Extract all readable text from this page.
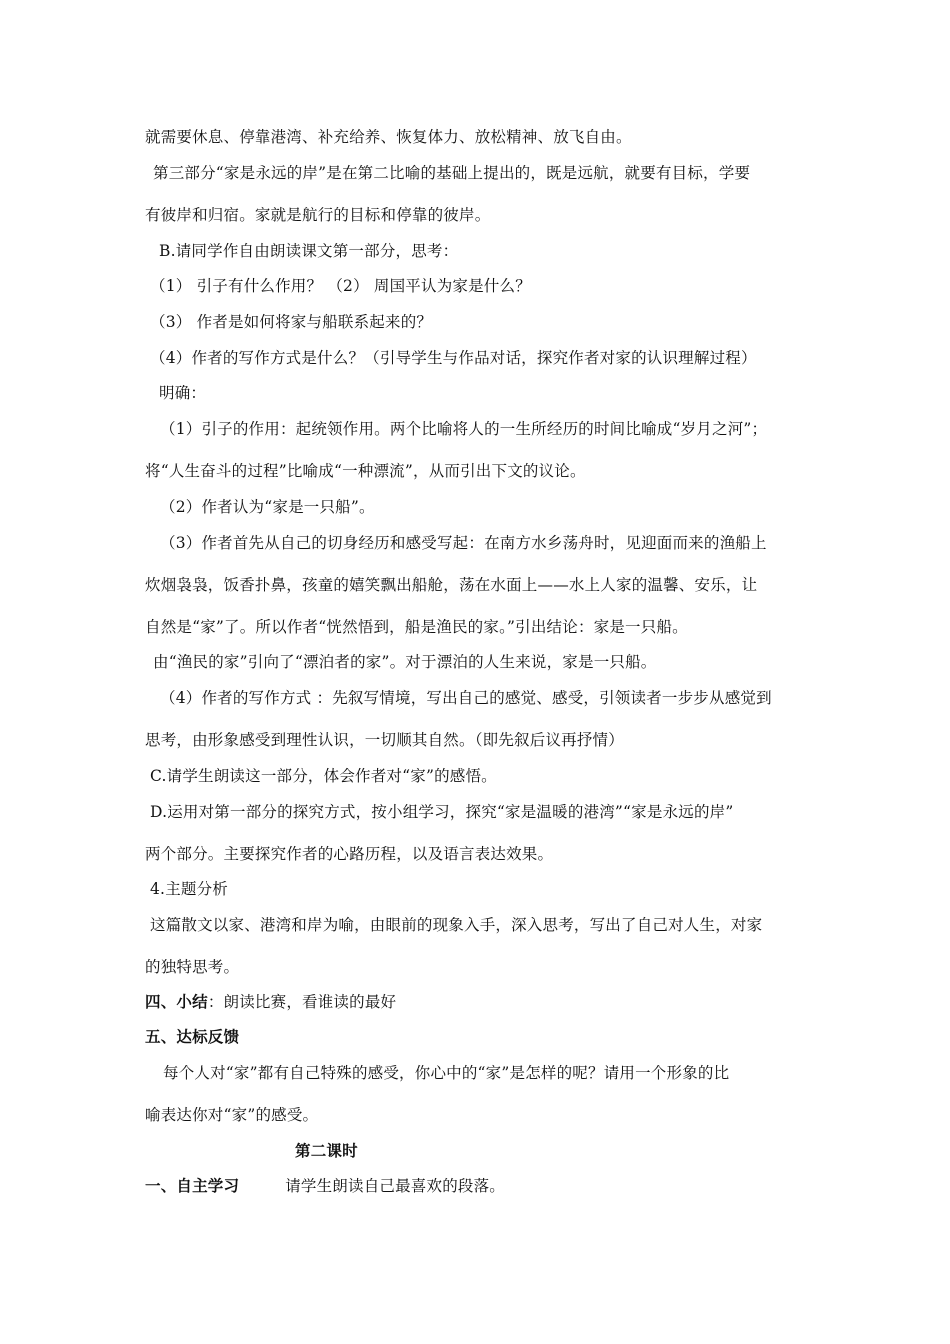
就需要休息、停靠港湾、补充给养、恢复体力、放松精神、放飞自由。
第三部分“家是永远的岸”是在第二比喻的基础上提出的，既是远航，就要有目标，学要
有彼岸和归宿。家就是航行的目标和停靠的彼岸。
B.请同学作自由朗读课文第一部分，思考：
（1） 引子有什么作用？ （2） 周国平认为家是什么？
（3） 作者是如何将家与船联系起来的？
（4）作者的写作方式是什么？（引导学生与作品对话，探究作者对家的认识理解过程）
明确：
（1）引子的作用：起统领作用。两个比喻将人的一生所经历的时间比喻成“岁月之河”；
将“人生奋斗的过程”比喻成“一种漂流”，从而引出下文的议论。
（2）作者认为“家是一只船”。
（3）作者首先从自己的切身经历和感受写起：在南方水乡荡舟时，见迎面而来的渔船上
炊烟袅袅，饭香扑鼻，孩童的嬉笑飘出船舱，荡在水面上——水上人家的温馨、安乐，让
自然是“家”了。所以作者“恍然悟到，船是渔民的家。”引出结论：家是一只船。
由“渔民的家”引向了“漂泊者的家”。对于漂泊的人生来说，家是一只船。
（4）作者的写作方式 ：先叙写情境，写出自己的感觉、感受，引领读者一步步从感觉到
思考，由形象感受到理性认识，一切顺其自然。（即先叙后议再抒情）
C.请学生朗读这一部分，体会作者对“家”的感悟。
D.运用对第一部分的探究方式，按小组学习，探究“家是温暖的港湾”“家是永远的岸”
两个部分。主要探究作者的心路历程，以及语言表达效果。
4.主题分析
这篇散文以家、港湾和岸为喻，由眼前的现象入手，深入思考，写出了自己对人生，对家
的独特思考。
四、小结：朗读比赛，看谁读的最好
五、达标反馈
每个人对“家”都有自己特殊的感受，你心中的“家”是怎样的呢？请用一个形象的比
喻表达你对“家”的感受。
第二课时
一、自主学习	请学生朗读自己最喜欢的段落。
